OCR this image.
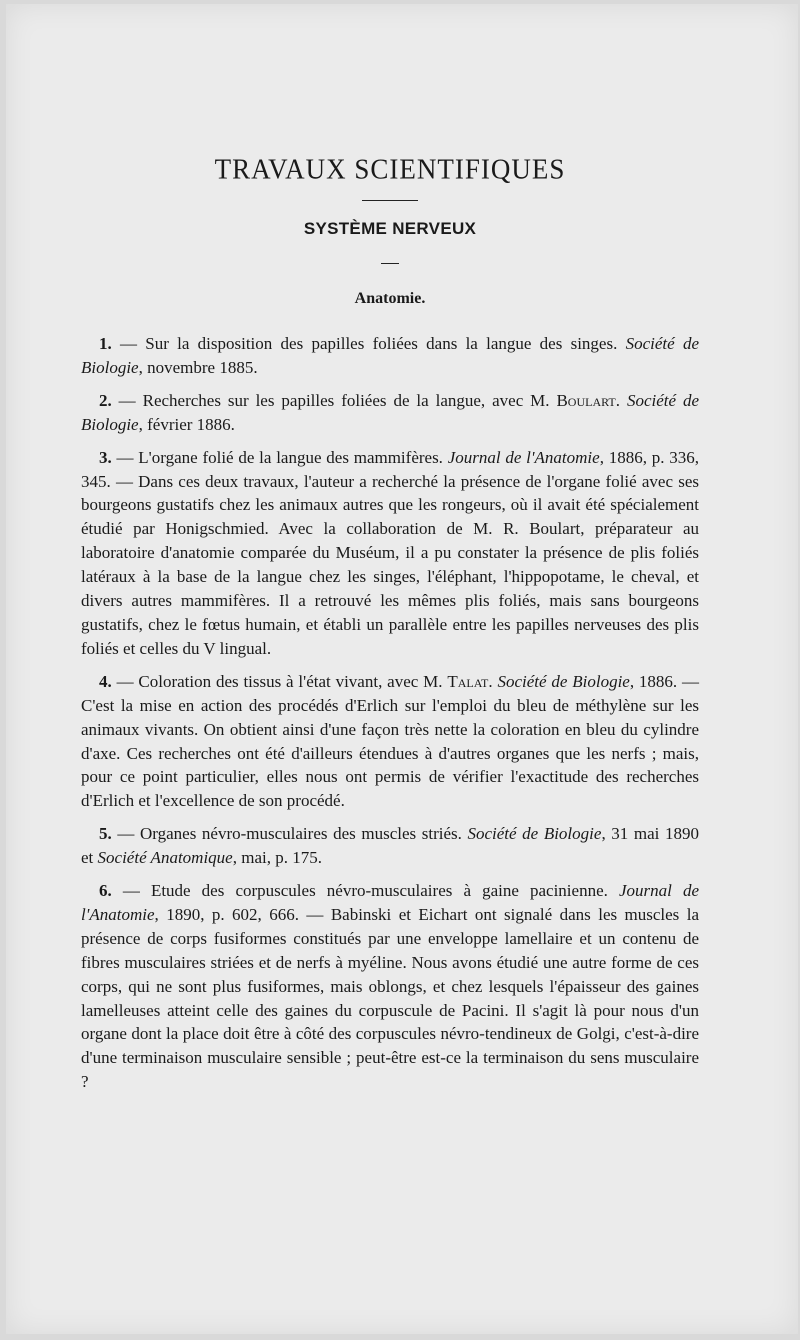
TRAVAUX SCIENTIFIQUES
SYSTÈME NERVEUX
Anatomie.

1. — Sur la disposition des papilles foliées dans la langue des singes. Société de Biologie, novembre 1885.

2. — Recherches sur les papilles foliées de la langue, avec M. Boulart. Société de Biologie, février 1886.

3. — L'organe folié de la langue des mammifères. Journal de l'Anatomie, 1886, p. 336, 345. — Dans ces deux travaux, l'auteur a recherché la présence de l'organe folié avec ses bourgeons gustatifs chez les animaux autres que les rongeurs, où il avait été spécialement étudié par Honigschmied. Avec la collaboration de M. R. Boulart, préparateur au laboratoire d'anatomie comparée du Muséum, il a pu constater la présence de plis foliés latéraux à la base de la langue chez les singes, l'éléphant, l'hippopotame, le cheval, et divers autres mammifères. Il a retrouvé les mêmes plis foliés, mais sans bourgeons gustatifs, chez le fœtus humain, et établi un parallèle entre les papilles nerveuses des plis foliés et celles du V lingual.

4. — Coloration des tissus à l'état vivant, avec M. Talat. Société de Biologie, 1886. — C'est la mise en action des procédés d'Erlich sur l'emploi du bleu de méthylène sur les animaux vivants. On obtient ainsi d'une façon très nette la coloration en bleu du cylindre d'axe. Ces recherches ont été d'ailleurs étendues à d'autres organes que les nerfs ; mais, pour ce point particulier, elles nous ont permis de vérifier l'exactitude des recherches d'Erlich et l'excellence de son procédé.

5. — Organes névro-musculaires des muscles striés. Société de Biologie, 31 mai 1890 et Société Anatomique, mai, p. 175.

6. — Etude des corpuscules névro-musculaires à gaine pacinienne. Journal de l'Anatomie, 1890, p. 602, 666. — Babinski et Eichart ont signalé dans les muscles la présence de corps fusiformes constitués par une enveloppe lamellaire et un contenu de fibres musculaires striées et de nerfs à myéline. Nous avons étudié une autre forme de ces corps, qui ne sont plus fusiformes, mais oblongs, et chez lesquels l'épaisseur des gaines lamelleuses atteint celle des gaines du corpuscule de Pacini. Il s'agit là pour nous d'un organe dont la place doit être à côté des corpuscules névro-tendineux de Golgi, c'est-à-dire d'une terminaison musculaire sensible ; peut-être est-ce la terminaison du sens musculaire ?
